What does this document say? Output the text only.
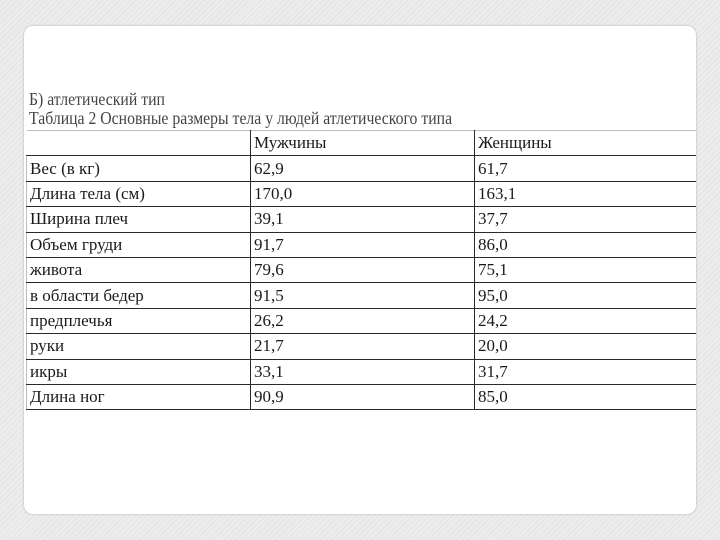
Б) атлетический тип
Таблица 2 Основные размеры тела у людей атлетического типа
	Мужчины	Женщины
Вес (в кг)	62,9	61,7
Длина тела (см)	170,0	163,1
Ширина плеч	39,1	37,7
Объем груди	91,7	86,0
живота	79,6	75,1
в области бедер	91,5	95,0
предплечья	26,2	24,2
руки	21,7	20,0
икры	33,1	31,7
Длина ног	90,9	85,0
